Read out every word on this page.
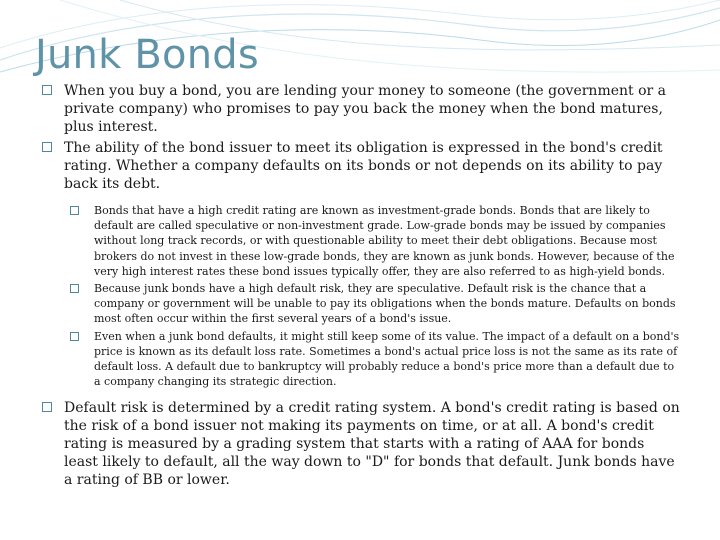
Junk Bonds

When you buy a bond, you are lending your money to someone (the government or a private company) who promises to pay you back the money when the bond matures, plus interest.

The ability of the bond issuer to meet its obligation is expressed in the bond's credit rating. Whether a company defaults on its bonds or not depends on its ability to pay back its debt.

Bonds that have a high credit rating are known as investment-grade bonds. Bonds that are likely to default are called speculative or non-investment grade. Low-grade bonds may be issued by companies without long track records, or with questionable ability to meet their debt obligations. Because most brokers do not invest in these low-grade bonds, they are known as junk bonds. However, because of the very high interest rates these bond issues typically offer, they are also referred to as high-yield bonds.

Because junk bonds have a high default risk, they are speculative. Default risk is the chance that a company or government will be unable to pay its obligations when the bonds mature. Defaults on bonds most often occur within the first several years of a bond's issue.

Even when a junk bond defaults, it might still keep some of its value. The impact of a default on a bond's price is known as its default loss rate. Sometimes a bond's actual price loss is not the same as its rate of default loss. A default due to bankruptcy will probably reduce a bond's price more than a default due to a company changing its strategic direction.

Default risk is determined by a credit rating system. A bond's credit rating is based on the risk of a bond issuer not making its payments on time, or at all. A bond's credit rating is measured by a grading system that starts with a rating of AAA for bonds least likely to default, all the way down to "D" for bonds that default. Junk bonds have a rating of BB or lower.
